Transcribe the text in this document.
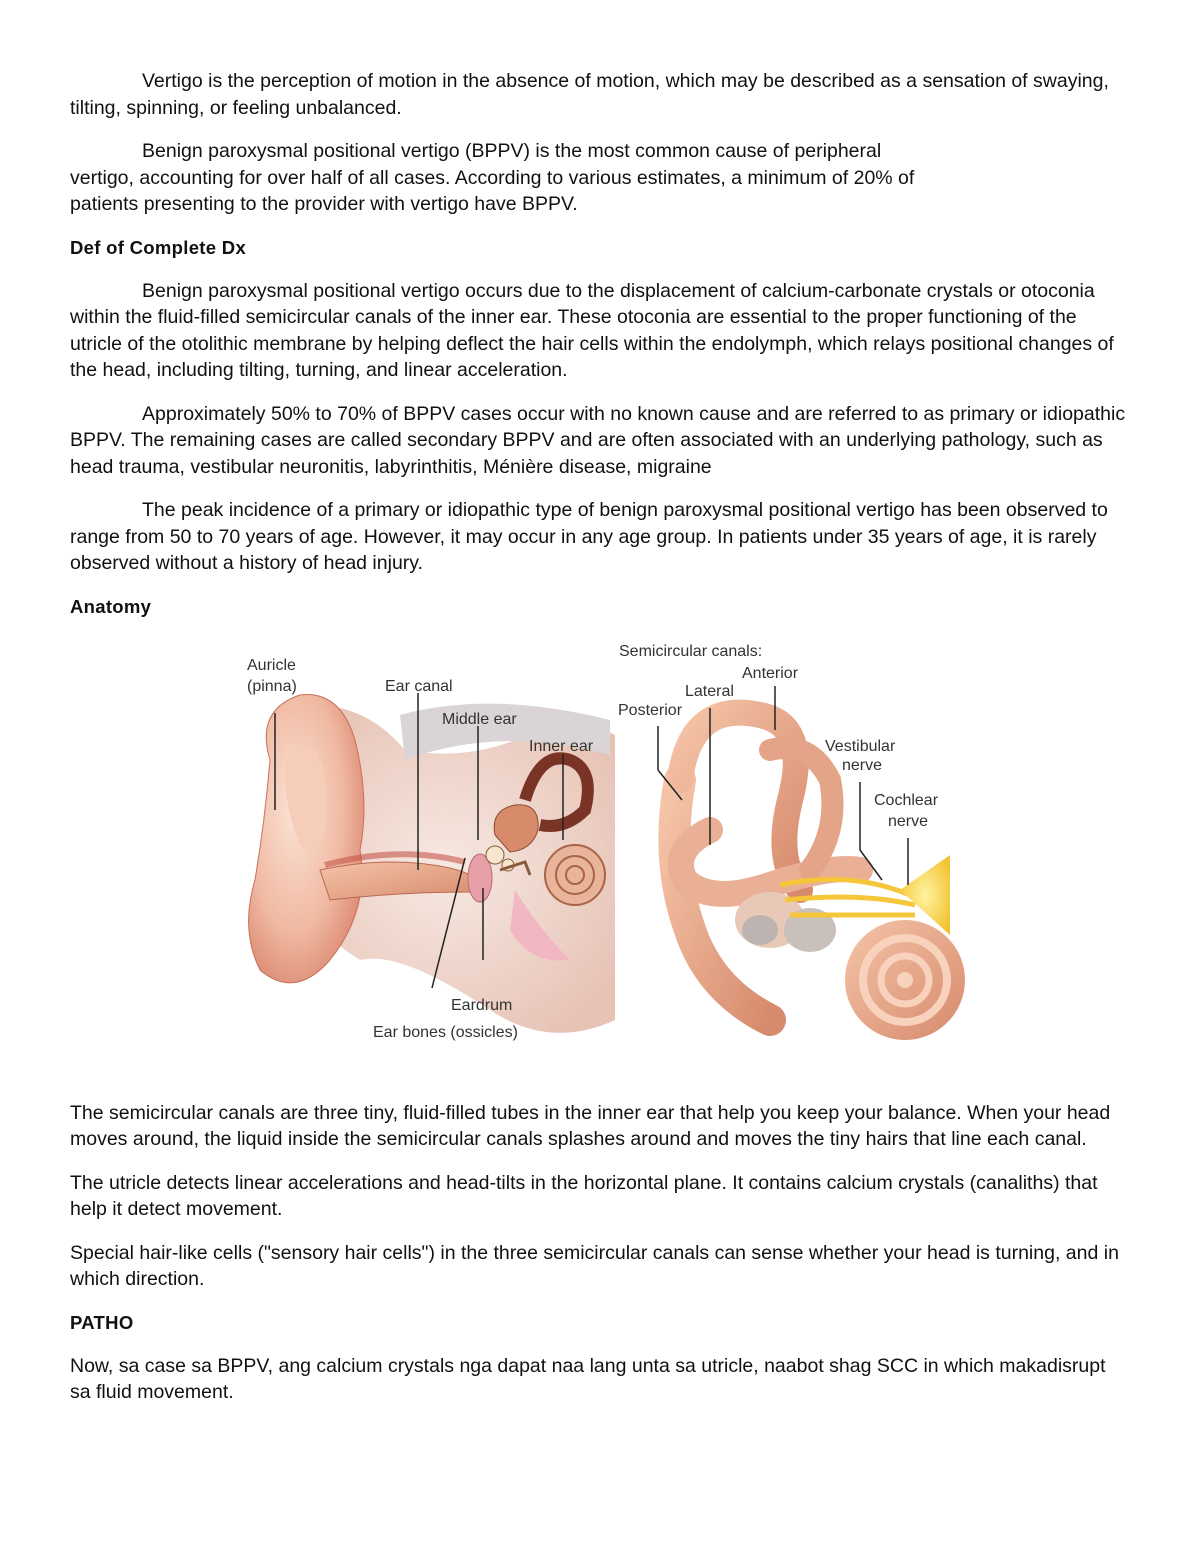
Vertigo is the perception of motion in the absence of motion, which may be described as a sensation of swaying, tilting, spinning, or feeling unbalanced.

Benign paroxysmal positional vertigo (BPPV) is the most common cause of peripheral vertigo, accounting for over half of all cases. According to various estimates, a minimum of 20% of patients presenting to the provider with vertigo have BPPV.

Def of Complete Dx

Benign paroxysmal positional vertigo occurs due to the displacement of calcium-carbonate crystals or otoconia within the fluid-filled semicircular canals of the inner ear. These otoconia are essential to the proper functioning of the utricle of the otolithic membrane by helping deflect the hair cells within the endolymph, which relays positional changes of the head, including tilting, turning, and linear acceleration.

Approximately 50% to 70% of BPPV cases occur with no known cause and are referred to as primary or idiopathic BPPV. The remaining cases are called secondary BPPV and are often associated with an underlying pathology, such as head trauma, vestibular neuronitis, labyrinthitis, Ménière disease, migraine

The peak incidence of a primary or idiopathic type of benign paroxysmal positional vertigo has been observed to range from 50 to 70 years of age. However, it may occur in any age group. In patients under 35 years of age, it is rarely observed without a history of head injury.

Anatomy
Auricle
(pinna)	Ear canal
Middle ear
Inner ear
Eardrum
Ear bones (ossicles)
Semicircular canals:
Anterior
Lateral
Posterior
Vestibular
nerve
Cochlear
nerve

The semicircular canals are three tiny, fluid-filled tubes in the inner ear that help you keep your balance. When your head moves around, the liquid inside the semicircular canals splashes around and moves the tiny hairs that line each canal.

The utricle detects linear accelerations and head-tilts in the horizontal plane. It contains calcium crystals (canaliths) that help it detect movement.

Special hair-like cells ("sensory hair cells") in the three semicircular canals can sense whether your head is turning, and in which direction.

PATHO

Now, sa case sa BPPV, ang calcium crystals nga dapat naa lang unta sa utricle, naabot shag SCC in which makadisrupt sa fluid movement.
